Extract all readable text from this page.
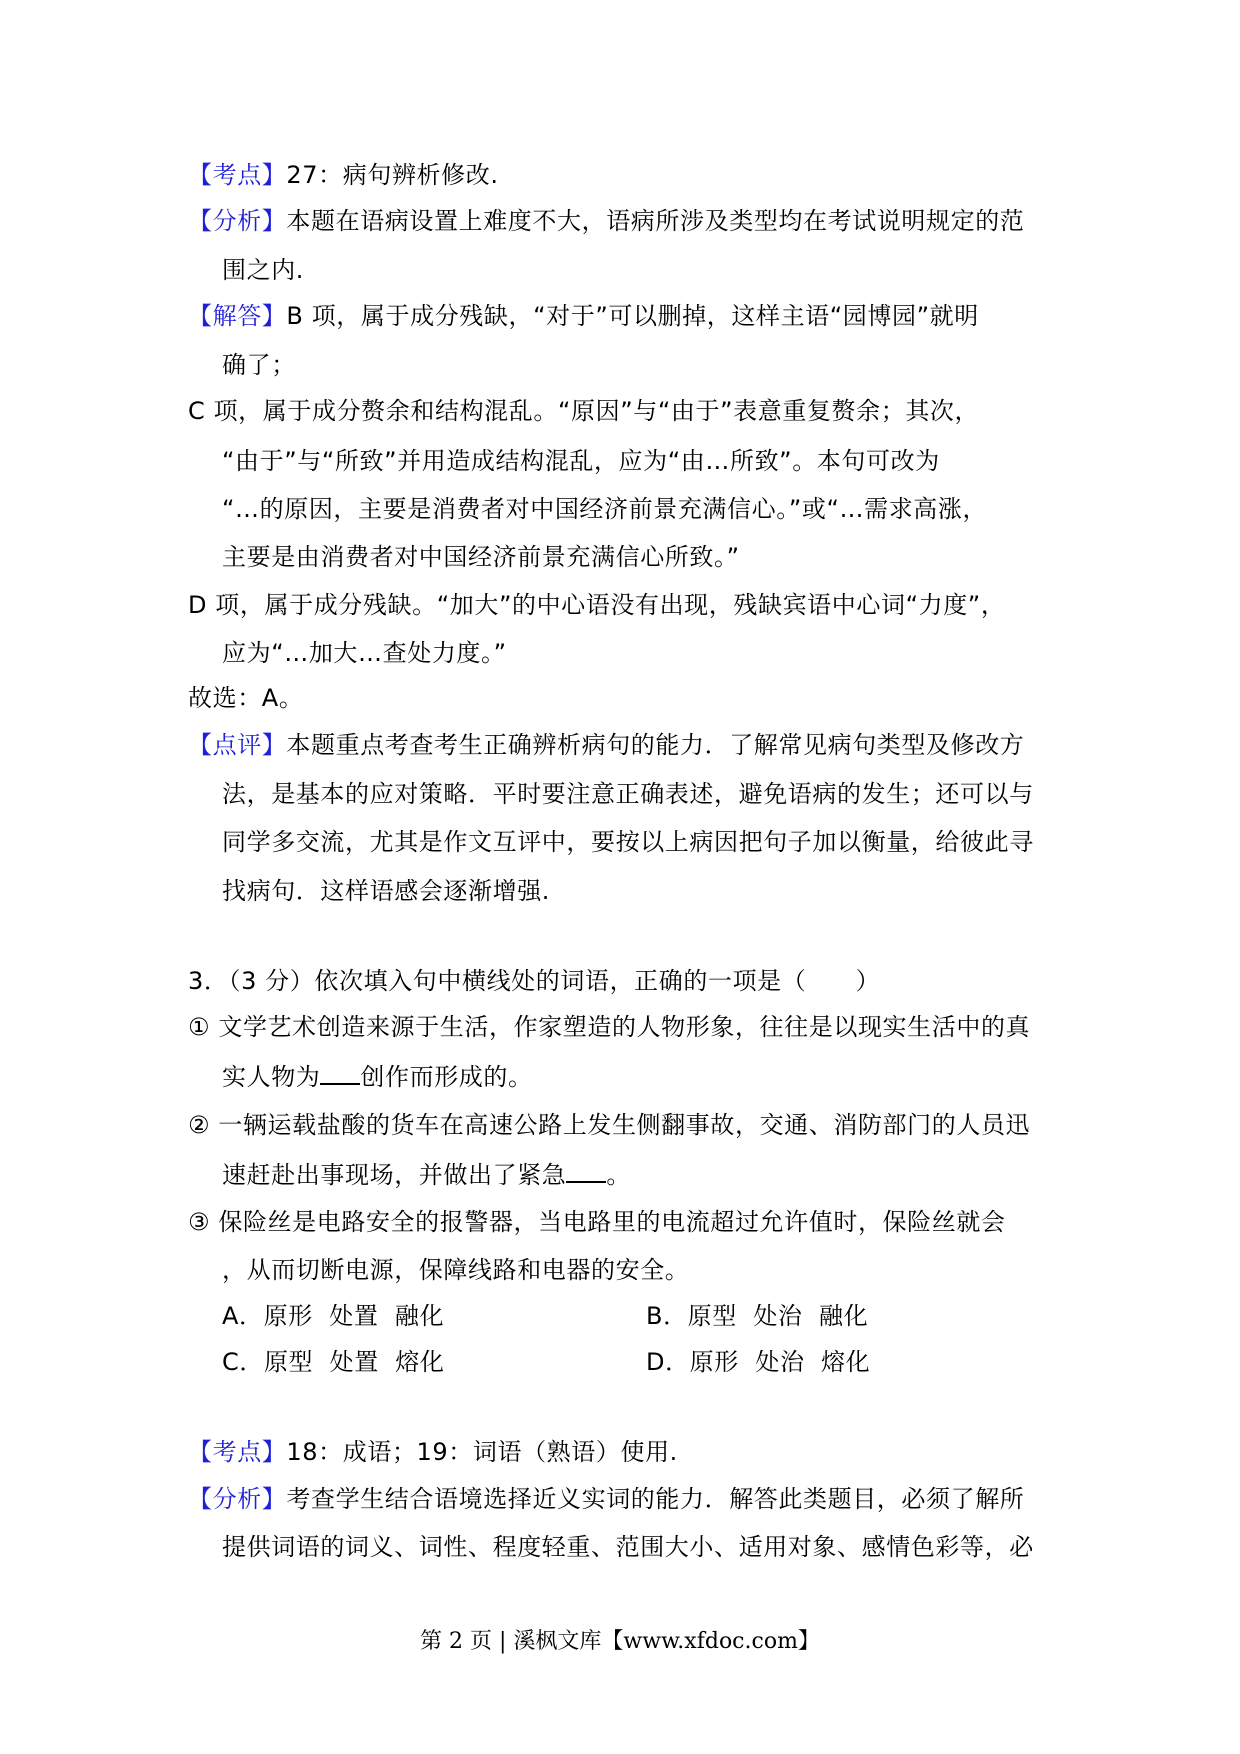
【考点】27：病句辨析修改.
【分析】本题在语病设置上难度不大，语病所涉及类型均在考试说明规定的范
围之内.
【解答】B 项，属于成分残缺，“对于”可以删掉，这样主语“园博园”就明
确了；
C 项，属于成分赘余和结构混乱。“原因”与“由于”表意重复赘余；其次，
“由于”与“所致”并用造成结构混乱，应为“由…所致”。本句可改为
“…的原因，主要是消费者对中国经济前景充满信心。”或“…需求高涨，
主要是由消费者对中国经济前景充满信心所致。”
D 项，属于成分残缺。“加大”的中心语没有出现，残缺宾语中心词“力度”，
应为“…加大…查处力度。”
故选：A。
【点评】本题重点考查考生正确辨析病句的能力．了解常见病句类型及修改方
法，是基本的应对策略．平时要注意正确表述，避免语病的发生；还可以与
同学多交流，尤其是作文互评中，要按以上病因把句子加以衡量，给彼此寻
找病句．这样语感会逐渐增强.
3．（3 分）依次填入句中横线处的词语，正确的一项是（　　）
① 文学艺术创造来源于生活，作家塑造的人物形象，往往是以现实生活中的真
实人物为 创作而形成的。
② 一辆运载盐酸的货车在高速公路上发生侧翻事故，交通、消防部门的人员迅
速赶赴出事现场，并做出了紧急 。
③ 保险丝是电路安全的报警器，当电路里的电流超过允许值时，保险丝就会
，从而切断电源，保障线路和电器的安全。
A．原形  处置  融化	B．原型  处治  融化
C．原型  处置  熔化	D．原形  处治  熔化
【考点】18：成语；19：词语（熟语）使用.
【分析】考查学生结合语境选择近义实词的能力．解答此类题目，必须了解所
提供词语的词义、词性、程度轻重、范围大小、适用对象、感情色彩等，必
第 2 页 | 溪枫文库【www.xfdoc.com】
